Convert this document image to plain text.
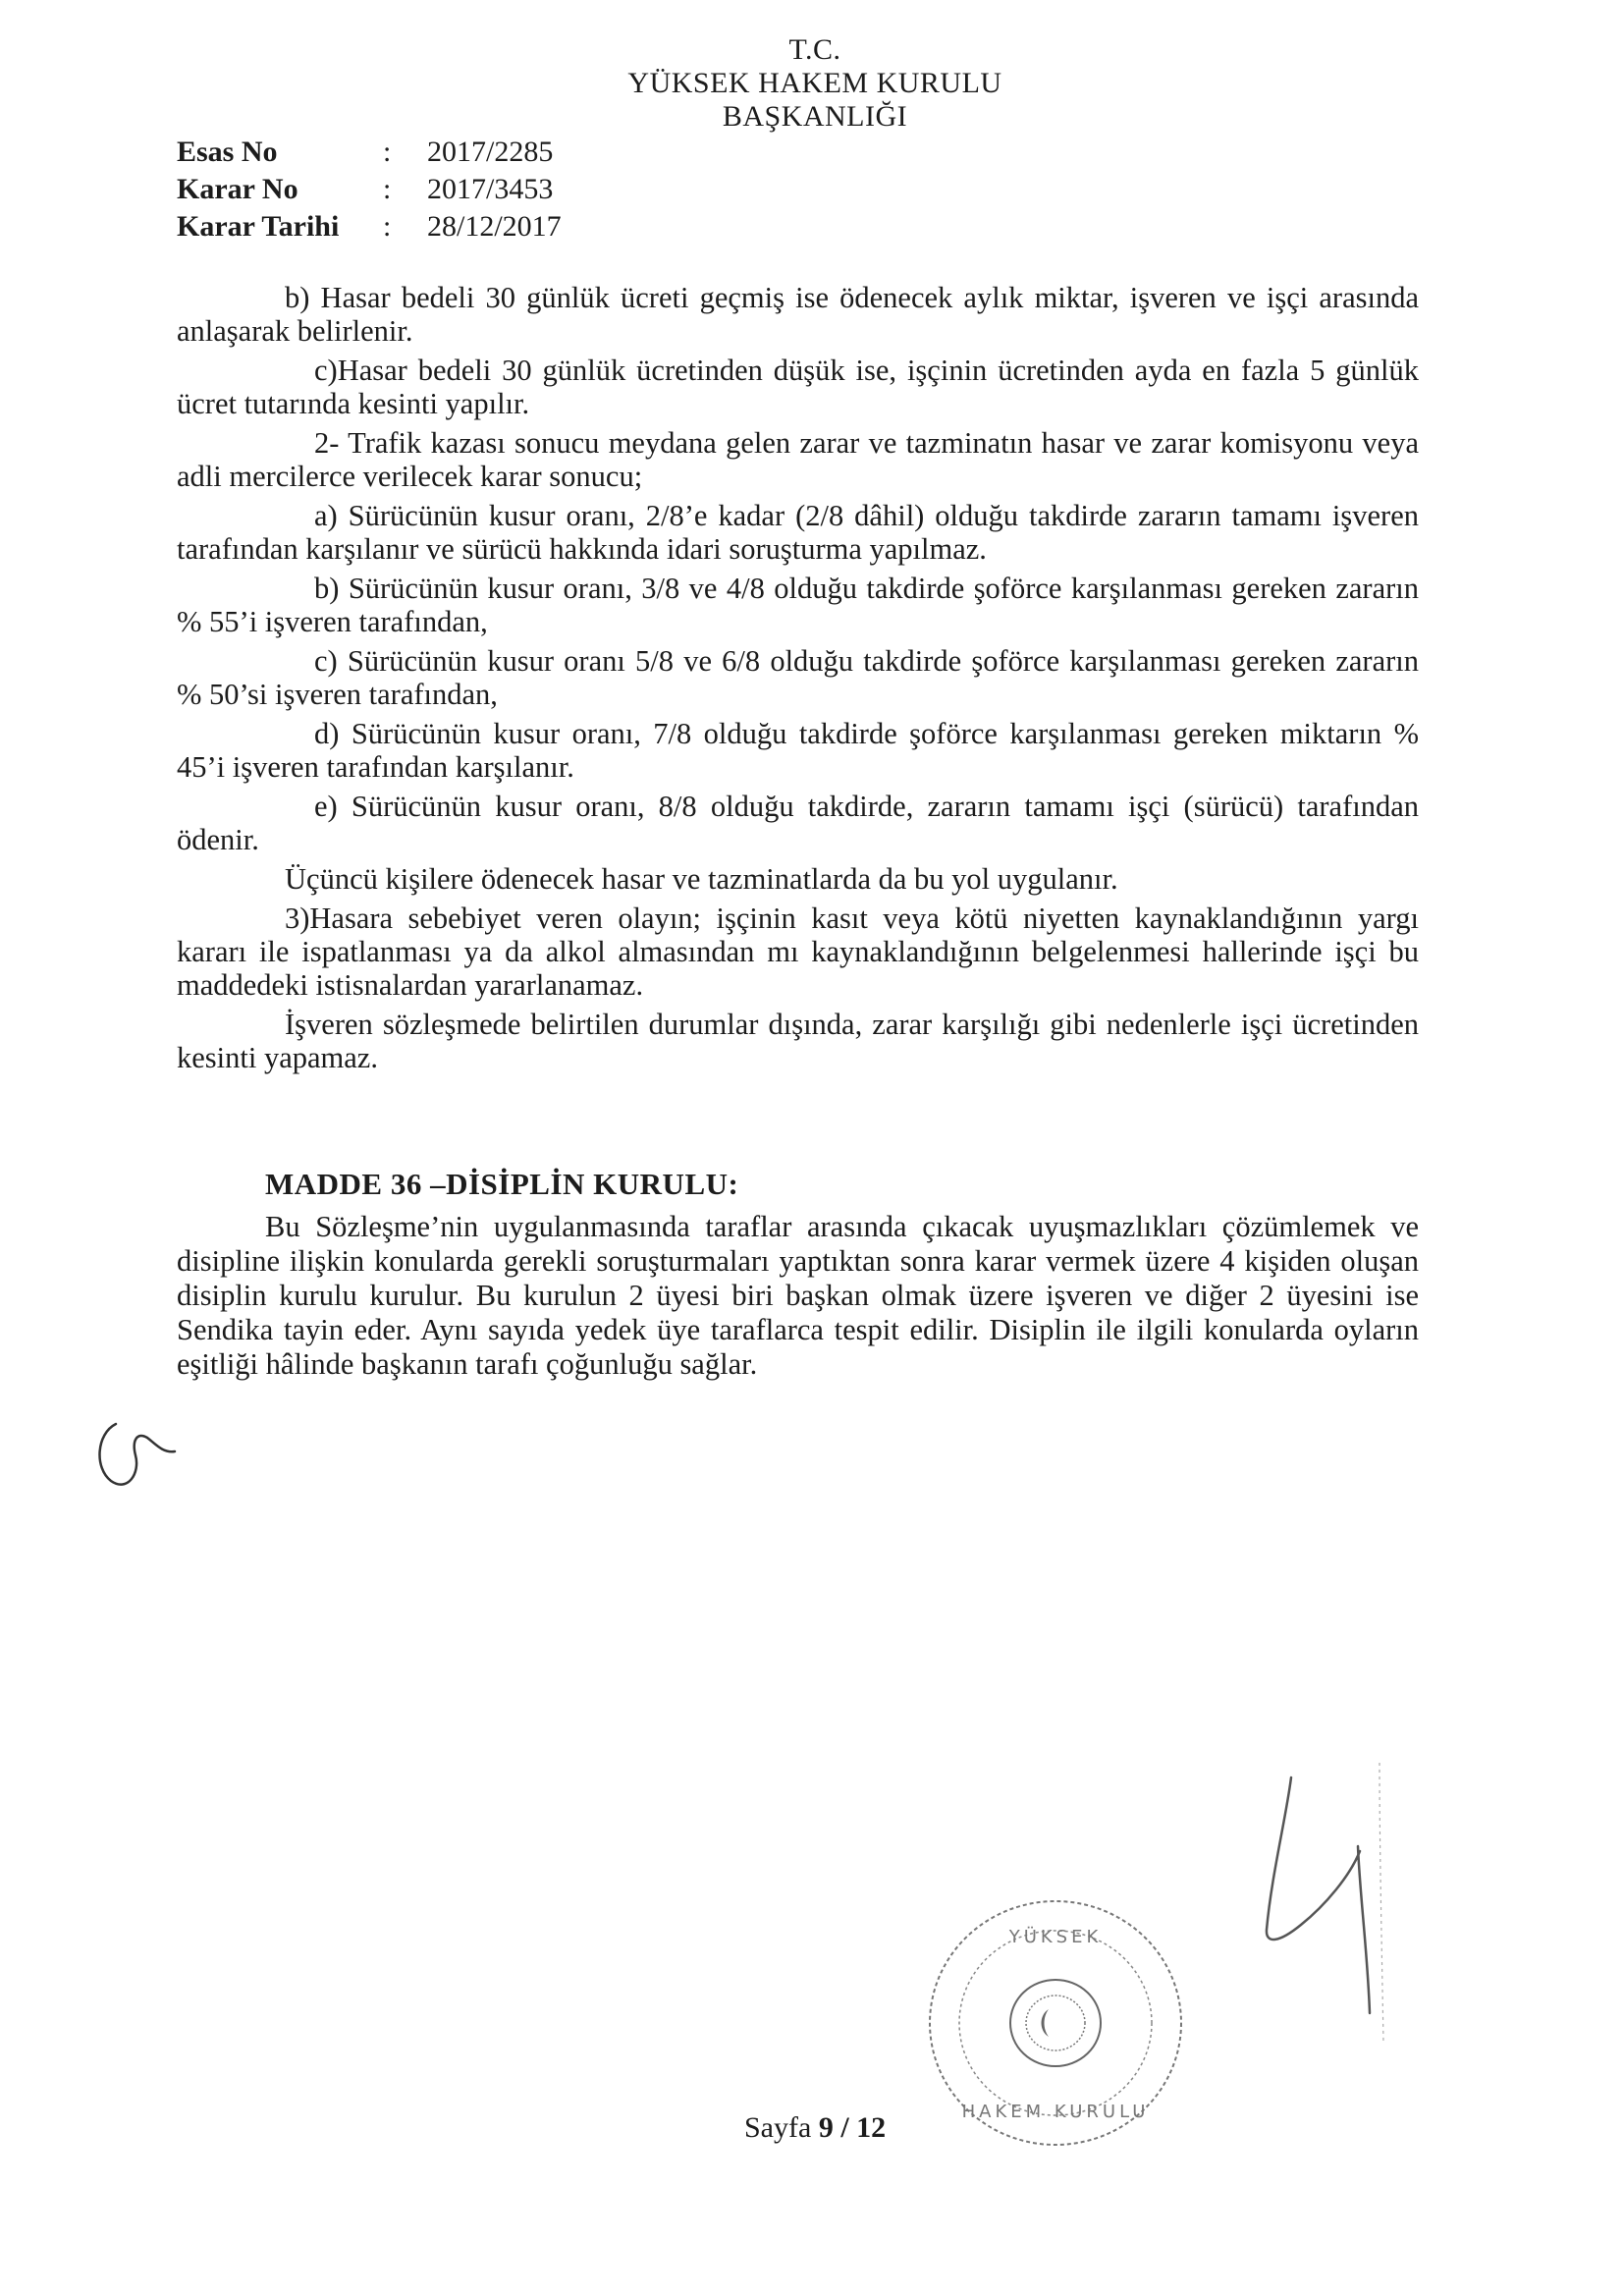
T.C.
YÜKSEK HAKEM KURULU
BAŞKANLIĞI
Esas No	:	2017/2285
Karar No	:	2017/3453
Karar Tarihi	:	28/12/2017

b) Hasar bedeli 30 günlük ücreti geçmiş ise ödenecek aylık miktar, işveren ve işçi arasında anlaşarak belirlenir.

c)Hasar bedeli 30 günlük ücretinden düşük ise, işçinin ücretinden ayda en fazla 5 günlük ücret tutarında kesinti yapılır.

2- Trafik kazası sonucu meydana gelen zarar ve tazminatın hasar ve zarar komisyonu veya adli mercilerce verilecek karar sonucu;

a) Sürücünün kusur oranı, 2/8’e kadar (2/8 dâhil) olduğu takdirde zararın tamamı işveren tarafından karşılanır ve sürücü hakkında idari soruşturma yapılmaz.

b) Sürücünün kusur oranı, 3/8 ve 4/8 olduğu takdirde şoförce karşılanması gereken zararın % 55’i işveren tarafından,

c) Sürücünün kusur oranı 5/8 ve 6/8 olduğu takdirde şoförce karşılanması gereken zararın % 50’si işveren tarafından,

d) Sürücünün kusur oranı, 7/8 olduğu takdirde şoförce karşılanması gereken miktarın % 45’i işveren tarafından karşılanır.

e) Sürücünün kusur oranı, 8/8 olduğu takdirde, zararın tamamı işçi (sürücü) tarafından ödenir.

Üçüncü kişilere ödenecek hasar ve tazminatlarda da bu yol uygulanır.

3)Hasara sebebiyet veren olayın; işçinin kasıt veya kötü niyetten kaynaklandığının yargı kararı ile ispatlanması ya da alkol almasından mı kaynaklandığının belgelenmesi hallerinde işçi bu maddedeki istisnalardan yararlanamaz.

İşveren sözleşmede belirtilen durumlar dışında, zarar karşılığı gibi nedenlerle işçi ücretinden kesinti yapamaz.

MADDE 36 –DİSİPLİN KURULU:

Bu Sözleşme’nin uygulanmasında taraflar arasında çıkacak uyuşmazlıkları çözümlemek ve disipline ilişkin konularda gerekli soruşturmaları yaptıktan sonra karar vermek üzere 4 kişiden oluşan disiplin kurulu kurulur. Bu kurulun 2 üyesi biri başkan olmak üzere işveren ve diğer 2 üyesini ise Sendika tayin eder. Aynı sayıda yedek üye taraflarca tespit edilir. Disiplin ile ilgili konularda oyların eşitliği hâlinde başkanın tarafı çoğunluğu sağlar.

YÜKSEK
HAKEM KURULU
Sayfa 9 / 12
